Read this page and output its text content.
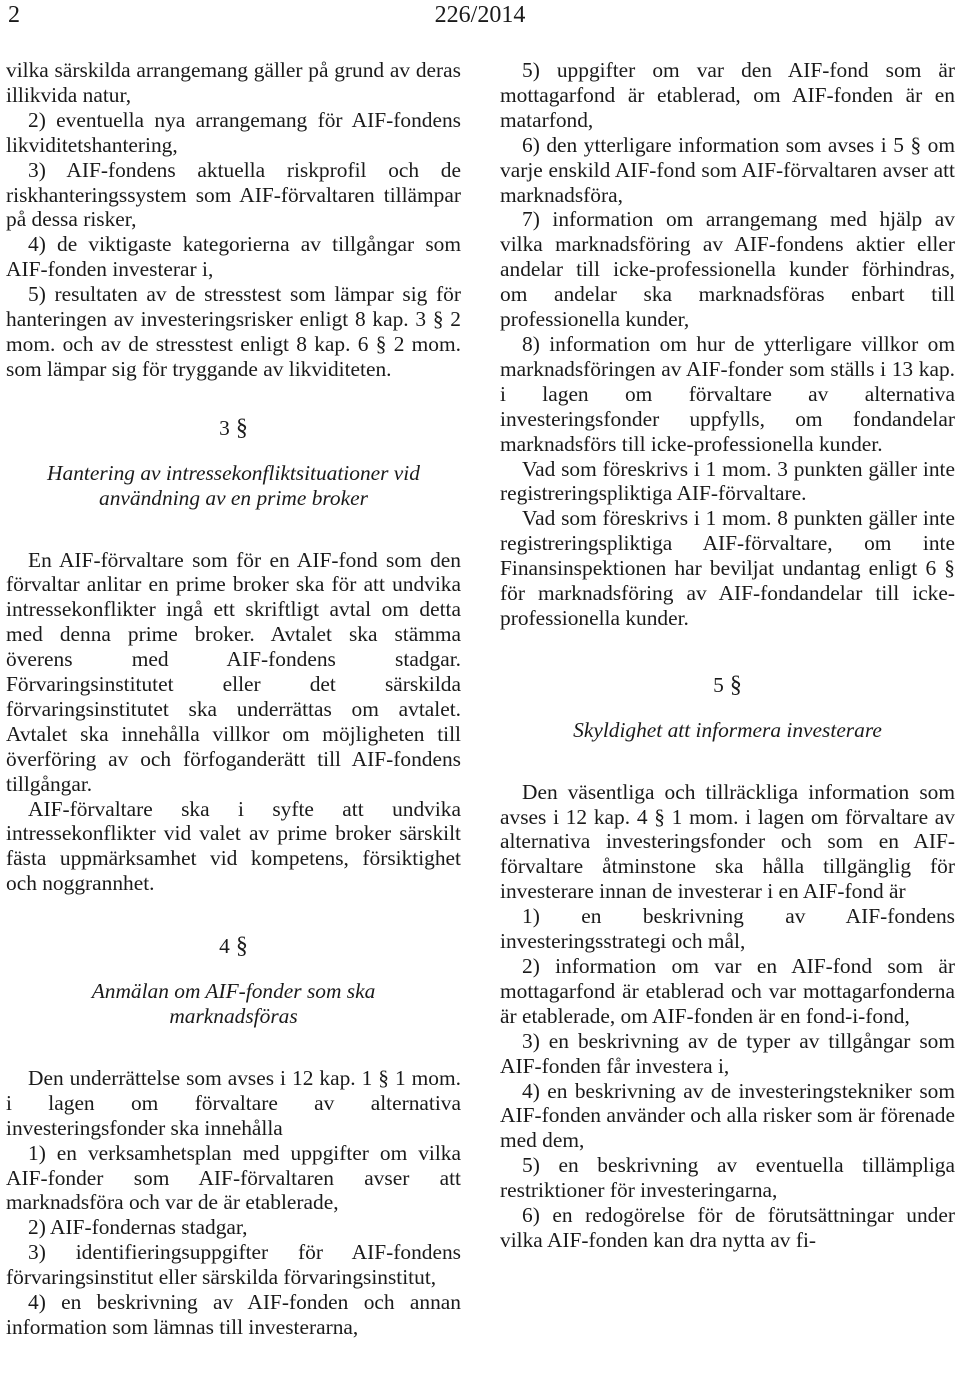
2	226/2014

vilka särskilda arrangemang gäller på grund av deras illikvida natur,

2) eventuella nya arrangemang för AIF-fondens likviditetshantering,

3) AIF-fondens aktuella riskprofil och de riskhanteringssystem som AIF-förvaltaren tillämpar på dessa risker,

4) de viktigaste kategorierna av tillgångar som AIF-fonden investerar i,

5) resultaten av de stresstest som lämpar sig för hanteringen av investeringsrisker enligt 8 kap. 3 § 2 mom. och av de stresstest enligt 8 kap. 6 § 2 mom. som lämpar sig för tryggande av likviditeten.

3 §
Hantering av intressekonfliktsituationer vid användning av en prime broker

En AIF-förvaltare som för en AIF-fond som den förvaltar anlitar en prime broker ska för att undvika intressekonflikter ingå ett skriftligt avtal om detta med denna prime broker. Avtalet ska stämma överens med AIF-fondens stadgar. Förvaringsinstitutet eller det särskilda förvaringsinstitutet ska underrättas om avtalet. Avtalet ska innehålla villkor om möjligheten till överföring av och förfoganderätt till AIF-fondens tillgångar.

AIF-förvaltare ska i syfte att undvika intressekonflikter vid valet av prime broker särskilt fästa uppmärksamhet vid kompetens, försiktighet och noggrannhet.

4 §
Anmälan om AIF-fonder som ska marknadsföras

Den underrättelse som avses i 12 kap. 1 § 1 mom. i lagen om förvaltare av alternativa investeringsfonder ska innehålla

1) en verksamhetsplan med uppgifter om vilka AIF-fonder som AIF-förvaltaren avser att marknadsföra och var de är etablerade,

2) AIF-fondernas stadgar,

3) identifieringsuppgifter för AIF-fondens förvaringsinstitut eller särskilda förvaringsinstitut,

4) en beskrivning av AIF-fonden och annan information som lämnas till investerarna,

5) uppgifter om var den AIF-fond som är mottagarfond är etablerad, om AIF-fonden är en matarfond,

6) den ytterligare information som avses i 5 § om varje enskild AIF-fond som AIF-förvaltaren avser att marknadsföra,

7) information om arrangemang med hjälp av vilka marknadsföring av AIF-fondens aktier eller andelar till icke-professionella kunder förhindras, om andelar ska marknadsföras enbart till professionella kunder,

8) information om hur de ytterligare villkor om marknadsföringen av AIF-fonder som ställs i 13 kap. i lagen om förvaltare av alternativa investeringsfonder uppfylls, om fondandelar marknadsförs till icke-professionella kunder.

Vad som föreskrivs i 1 mom. 3 punkten gäller inte registreringspliktiga AIF-förvaltare.

Vad som föreskrivs i 1 mom. 8 punkten gäller inte registreringspliktiga AIF-förvaltare, om inte Finansinspektionen har beviljat undantag enligt 6 § för marknadsföring av AIF-fondandelar till icke-professionella kunder.

5 §
Skyldighet att informera investerare

Den väsentliga och tillräckliga information som avses i 12 kap. 4 § 1 mom. i lagen om förvaltare av alternativa investeringsfonder och som en AIF-förvaltare åtminstone ska hålla tillgänglig för investerare innan de investerar i en AIF-fond är

1) en beskrivning av AIF-fondens investeringsstrategi och mål,

2) information om var en AIF-fond som är mottagarfond är etablerad och var mottagarfonderna är etablerade, om AIF-fonden är en fond-i-fond,

3) en beskrivning av de typer av tillgångar som AIF-fonden får investera i,

4) en beskrivning av de investeringstekniker som AIF-fonden använder och alla risker som är förenade med dem,

5) en beskrivning av eventuella tillämpliga restriktioner för investeringarna,

6) en redogörelse för de förutsättningar under vilka AIF-fonden kan dra nytta av fi-
